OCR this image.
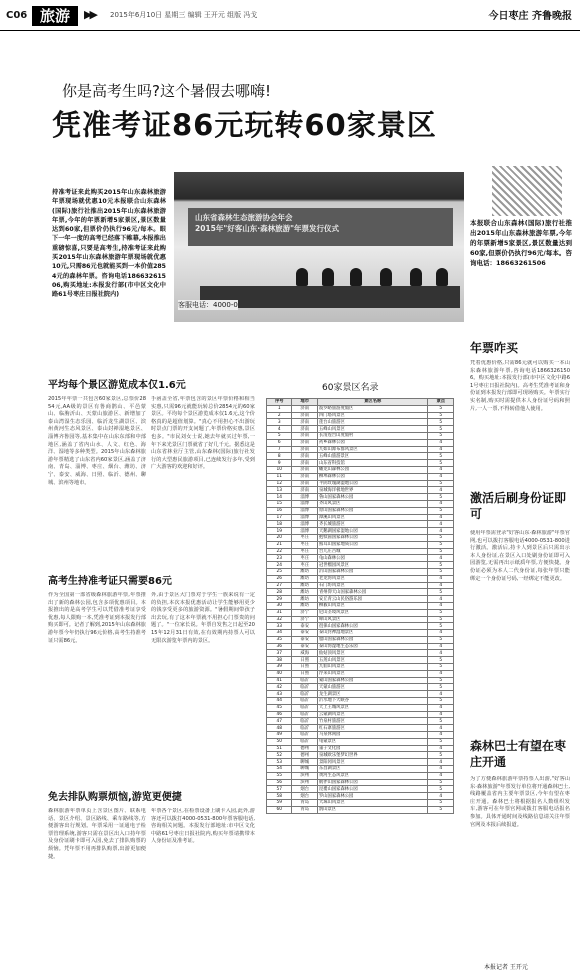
C06 旅游	▶▶ 2015年6月10日 星期三 编辑 王开元 组版 冯戈	今日枣庄 齐鲁晚报
你是高考生吗?这个暑假去哪嗨!
凭准考证86元玩转60家景区
持准考证来此购买2015年山东森林旅游年票现场就优惠10元本报联合山东森林(国际)旅行社推出2015年山东森林旅游年票,今年的年票新增5家景区,景区数量达到60家,但票价仍执行96元/每本。眼下一年一度的高考已经落下帷幕,本报推出重磅惊喜,只要是高考生,持准考证来此购买2015年山东森林旅游年票现场就优惠10元,只需86元也就能买到一本价值2854元的森林年票。咨询电话18663261506,购买地址:本报发行部(市中区文化中路61号枣庄日报社院内)
山东省森林生态旅游协会年会
2015年"好客山东·森林旅游"年票发行仪式
客服电话：4000-0
本报联合山东森林(国际)旅行社推出2015年山东森林旅游年票,今年的年票新增5家景区,景区数量达到60家,但票价仍执行96元/每本。咨询电话：18663261506
平均每个景区游览成本仅1.6元
2015年年票一共包含60家景区,总票价2854元,AA级的景区有鲁商鹊山、平邑蒙山、临朐沂山、天蒙山旅游区、新增加了泰山湾湿生态乐园、临沂龙生湖景区、滨州黄河生态风景区、泰山封禅湿地景区、淄博齐鲁园等,基本集中在山东东部和中部地区,涵盖了省内山水、人文、红色、海洋、湿地等多种类型。2015年山东森林旅游年票精选了山东省内60家景区,涵盖了济南、青岛、淄博、枣庄、烟台、潍坊、济宁、泰安、威海、日照、临沂、德州、聊城、滨州等地市。
手函盖全省,年票包含的景区年票价格和相当实惠,只需96元就能玩转总价2854元的60家景区。平均每个景区游览成本仅1.6元,这个价格真的是超值划算。"真心不用担心不出游玩时景点门票的开支问题了,年票价格实惠,景区也多。"市民刘女士说,她去年就买过年票,一年下来光景区门票就省了好几千元。据悉这是山东省林业厅主管,山东森林(国际)旅行社发行的大型惠民旅游项目,已连续发行多年,受到广大游客的欢迎和好评。
高考生持准考证只需要86元
作为全国第一部省级森林旅游年票,年票推出了新的森林公园,包含多项优惠项目。本报推出的是高考学生可以凭借准考证享受优惠,每人限购一本,凭准考证到本报发行部购买即可。记者了解到,2015年山东森林旅游年票今年仍执行96元价格,高考生持准考证只需86元。
外,由于景区大门票对于学生一族来说有一定的负担,本次本报优惠活动让学生能够用更少的钱享受更多的旅游资源。"暑假期间带孩子出去玩,有了这本年票就不用担心门票贵的问题了。"一位家长说。年票自发售之日起至2015年12月31日有效,在有效期内持票人可以无限次游览年票内的景区。
免去排队购票烦恼,游览更便捷
森林旅游年票单页上含景区图片、联系电话、景区介绍、景区路线、乘车路线等,方便游客出行规划。年票采用一证通电子检票管理系统,游客只需在景区出入口持年票及身份证刷卡即可入园,免去了排队购票的烦恼。凭年票不用再排队购票,出游更加便捷。
年票各个景区,在检票设备上刷卡入园,此外,游客还可以拨打4000-0531-800年票客服电话,咨询相关问题。本报发行部地址:市中区文化中路61号枣庄日报社院内,购买年票请携带本人身份证及准考证。
60家景区名录
序号	地市	景区名称	景点
1	济南	波罗峪旅游度假区	5
2	济南	四门塔风景区	5
3	济南	莲台山旅游区	5
4	济南	五峰山风景区	5
5	济南	长清莲台山度假村	5
6	济南	药乡森林公园	4
7	济南	九如山瀑布群风景区	4
8	济南	五峰山旅游景区	5
9	济南	山东省科技馆	5
10	济南	蟠龙山森林公园	4
11	济南	柳埠森林公园	4
12	济南	平阴玫瑰湖湿地公园	5
13	济南	泉城海洋极地世界	4
14	淄博	鲁山国家森林公园	5
15	淄博	齐山风景区	4
16	淄博	原山国家森林公园	5
17	淄博	潭溪山风景区	4
18	淄博	齐长城旅游区	4
19	淄博	天鹅湖国家湿地公园	4
20	枣庄	抱犊崮国家森林公园	5
21	枣庄	熊耳山国家地质公园	5
22	枣庄	台儿庄古城	5
23	枣庄	龟山森林公园	4
24	枣庄	冠世榴园风景区	5
25	潍坊	沂山国家森林公园	5
26	潍坊	老龙湾风景区	4
27	潍坊	石门坊风景区	4
28	潍坊	青州仰天山国家森林公园	5
29	潍坊	安丘青云山民俗游乐园	4
30	潍坊	柳毅山风景区	4
31	济宁	尼山圣境风景区	5
32	济宁	峄山风景区	5
33	泰安	徂徕山国家森林公园	5
34	泰安	泰山封禅湿地景区	4
35	泰安	腊山国家森林公园	5
36	泰安	泰山湾湿地生态乐园	4
37	威海	仙姑顶风景区	4
38	日照	五莲山风景区	5
39	日照	九仙山风景区	5
40	日照	浮来山风景区	4
41	临沂	蒙山国家森林公园	5
42	临沂	天蒙山旅游区	5
43	临沂	龙生湖景区	4
44	临沂	沂水地下大峡谷	5
45	临沂	天上王城风景区	4
46	临沂	云蒙湖风景区	4
47	临沂	竹泉村旅游区	5
48	临沂	红石寨旅游区	4
49	临沂	马泉休闲园	4
50	临沂	龟蒙景区	5
51	德州	董子文化园	4
52	德州	泉城欧乐堡梦幻世界	5
53	聊城	景阳冈风景区	4
54	聊城	东昌湖景区	4
55	滨州	黄河生态风景区	4
56	滨州	鹤伴山国家森林公园	5
57	烟台	昆嵛山国家森林公园	5
58	烟台	罗山国家森林公园	4
59	青岛	大珠山风景区	5
60	青岛	鹊山景区	5
年票咋买
凭着优惠价格,只需86元就可以购买一本山东森林旅游年票,咨询电话18663261506。购买地址:本报发行部(市中区文化中路61号枣庄日报社院内)。高考生凭准考证和身份证到本报发行部即可现场购买。年票实行实名制,购买时需提供本人身份证号码和照片,一人一票,不得转借他人使用。
激活后刷身份证即可
使用年票需登录"好客山东·森林旅游"年票官网,也可以拨打客服电话4000-0531-800进行激活。激活后,持卡人到景区后只需出示本人身份证,在景区入口处刷身份证即可入园游览,无需再出示纸质年票,方便快捷。身份证必须为本人二代身份证,每张年票只能绑定一个身份证号码,一经绑定不能更改。
森林巴士有望在枣庄开通
为了方便森林旅游年票持票人出游,"好客山东·森林旅游"年票发行单位将开通森林巴士,线路覆盖省内主要年票景区,今年有望在枣庄开通。森林巴士将根据报名人数组织发车,游客可在年票官网或拨打客服电话报名参加。具体开通时间及线路信息请关注年票官网及本报后续报道。
本报记者 王开元
